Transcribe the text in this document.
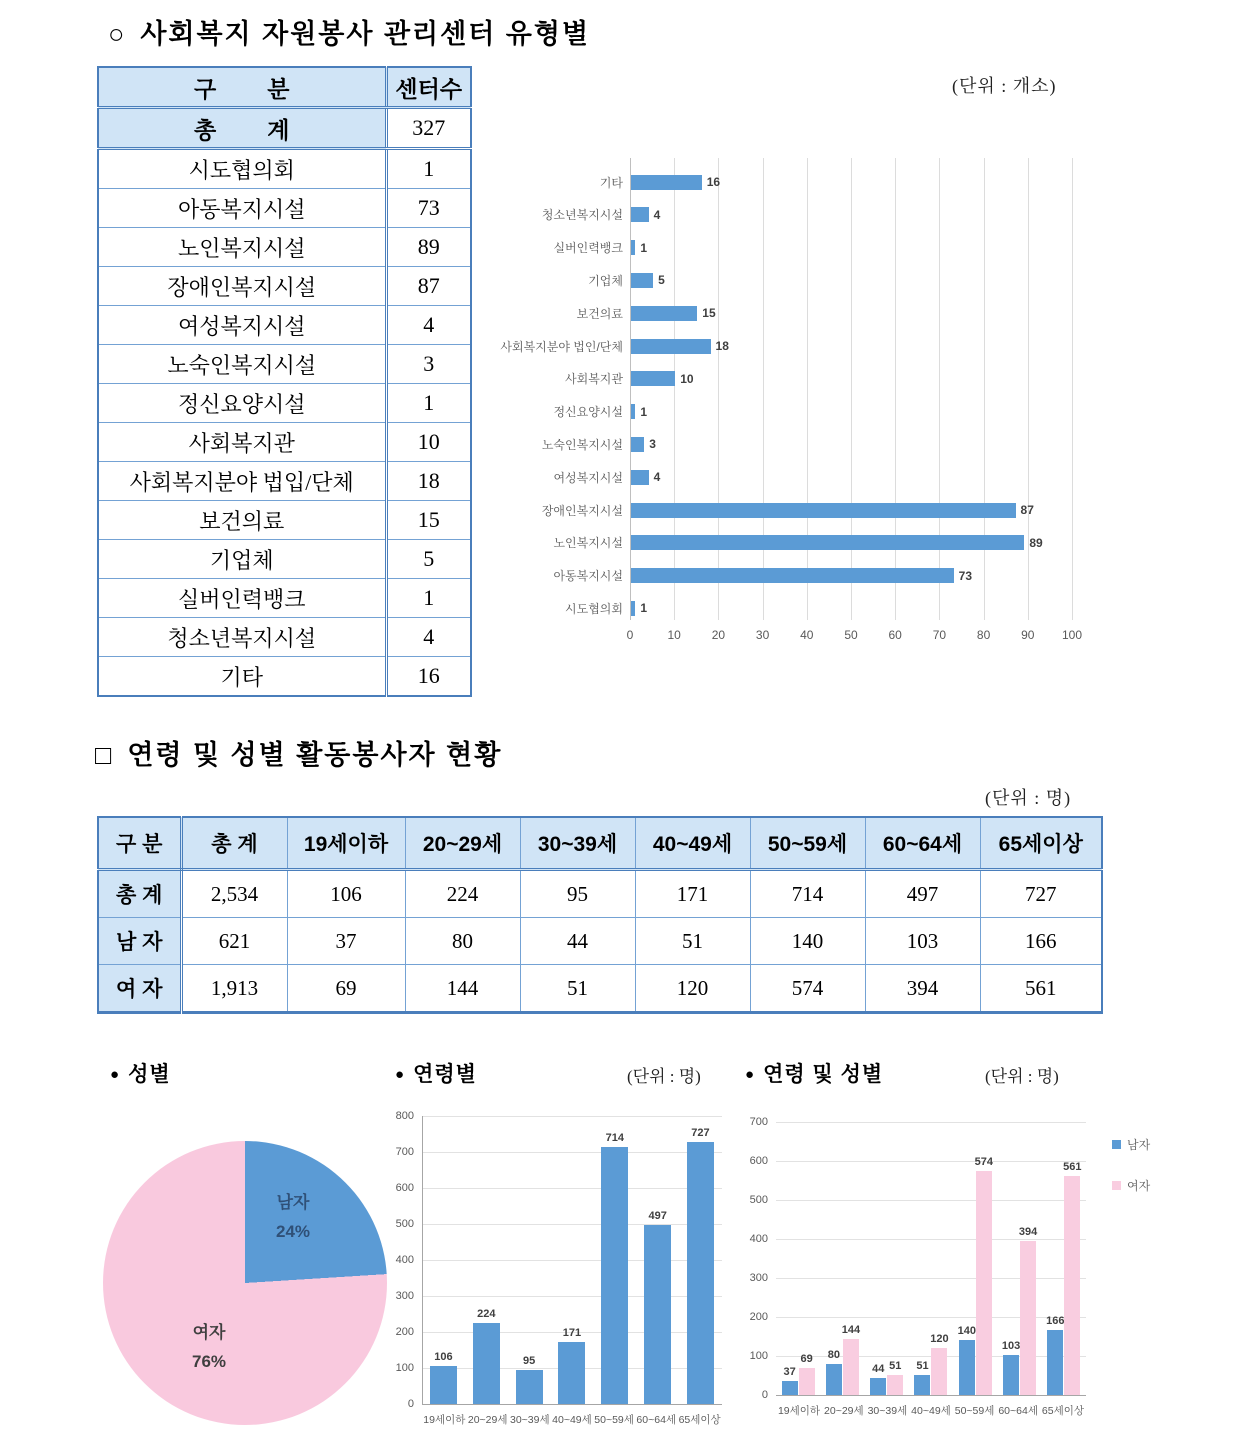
○ 사회복지 자원봉사 관리센터 유형별
(단위 : 개소)
구        분	센터수
총        계	327
시도협의회	1
아동복지시설	73
노인복지시설	89
장애인복지시설	87
여성복지시설	4
노숙인복지시설	3
정신요양시설	1
사회복지관	10
사회복지분야 법입/단체	18
보건의료	15
기업체	5
실버인력뱅크	1
청소년복지시설	4
기타	16
0	10	20	30	40	50	60	70	80	90 100
기타	16
청소년복지시설	4
실버인력뱅크 1
기업체	5
보건의료	15
사회복지분야 법인/단체	18
사회복지관	10
정신요양시설 1
노숙인복지시설 3
여성복지시설	4
장애인복지시설	87
노인복지시설	89
아동복지시설	73
시도협의회 1
□ 연령 및 성별 활동봉사자 현황
(단위 : 명)
구 분	총 계	19세이하	20~29세	30~39세	40~49세	50~59세	60~64세	65세이상
총 계	2,534	106	224	95	171	714	497	727
남 자	621	37	80	44	51	140	103	166
여 자	1,913	69	144	51	120	574	394	561
● 성별	● 연령별	(단위 : 명)	● 연령 및 성별	(단위 : 명)
남자
24%
여자
76%
0
100
200
300
400
500
600
700
800
106
224
95
171
714
497
727
19세이하 20~29세 30~39세 40~49세 50~59세 60~64세 65세이상
0
100
200
300
400
500
600
700
37
69 80
144
44 51 51
120
140
574
103
394
166
561
19세이하 20~29세 30~39세 40~49세 50~59세 60~64세 65세이상
남자
여자
